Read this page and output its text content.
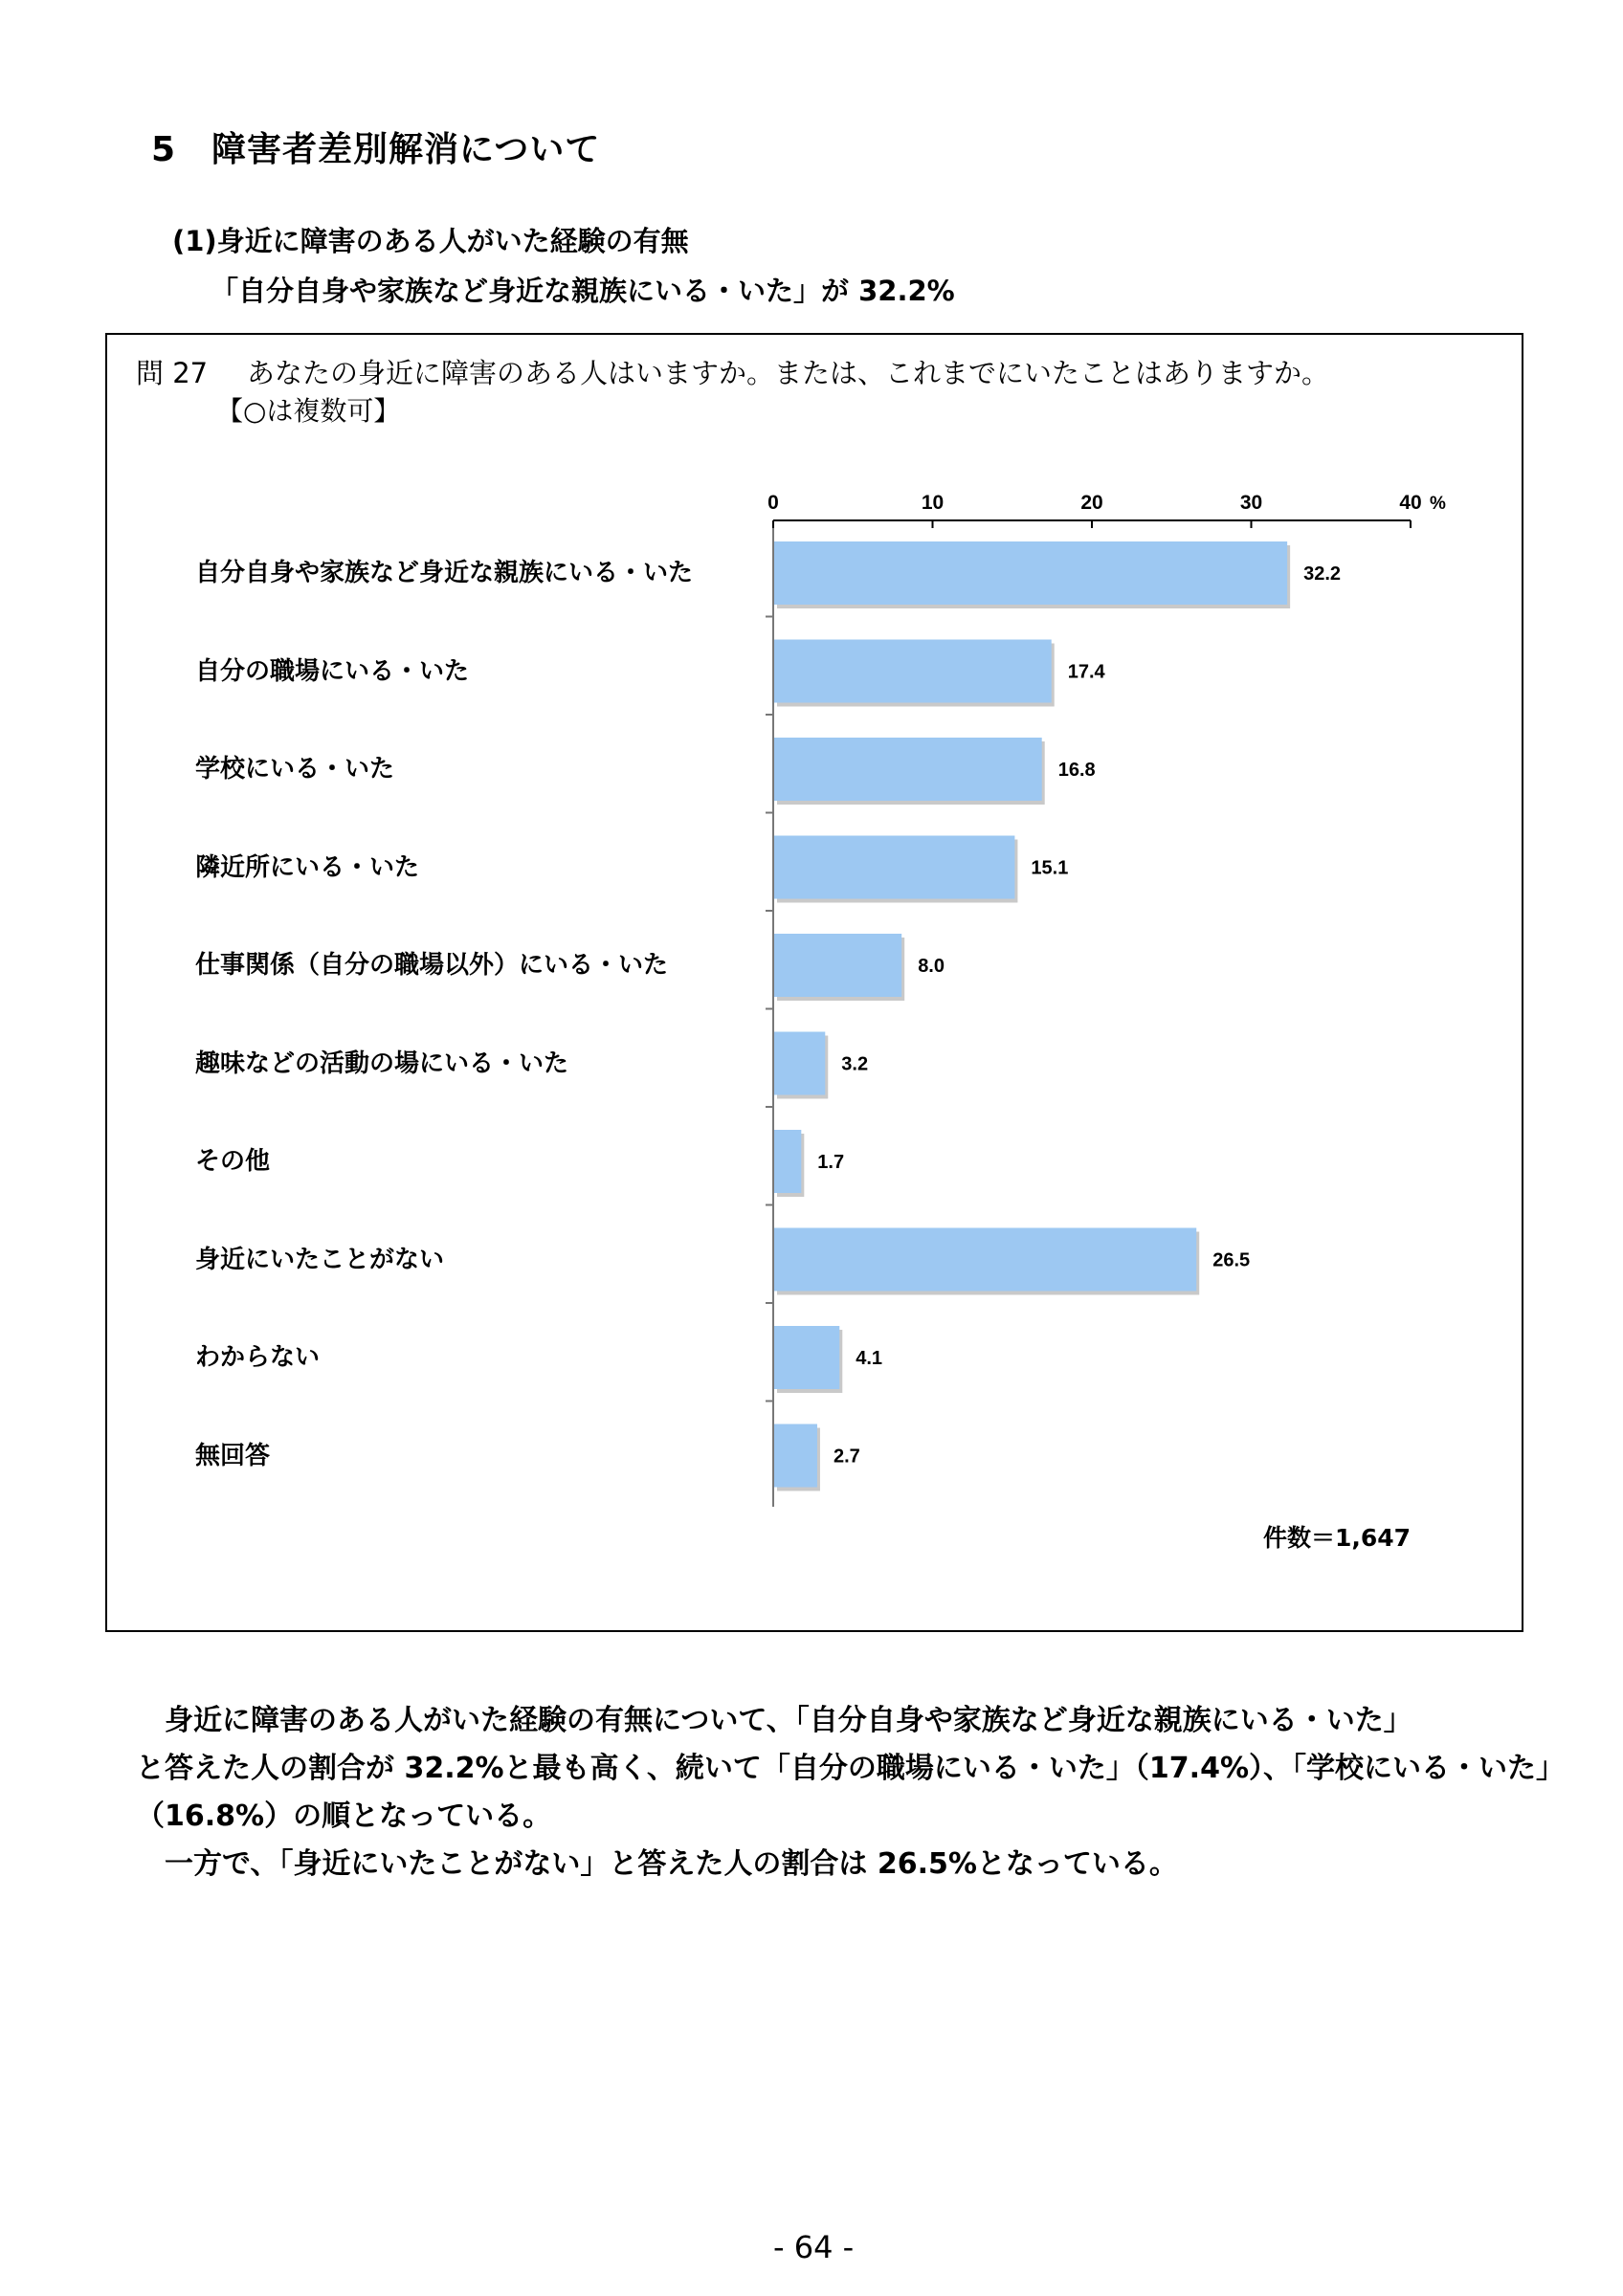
5　障害者差別解消について
(1)身近に障害のある人がいた経験の有無
「自分自身や家族など身近な親族にいる・いた」が 32.2%
問 27 あなたの身近に障害のある人はいますか。または、これまでにいたことはありますか。
【○は複数可】
自分自身や家族など身近な親族にいる・いた
自分の職場にいる・いた
学校にいる・いた
隣近所にいる・いた
仕事関係（自分の職場以外）にいる・いた
趣味などの活動の場にいる・いた
その他
身近にいたことがない
わからない
無回答
0	10	20	30	40 %
32.2
17.4
16.8
15.1
8.0
3.2
1.7
26.5
4.1
2.7
件数＝1,647
　身近に障害のある人がいた経験の有無について、「自分自身や家族など身近な親族にいる・いた」
と答えた人の割合が 32.2%と最も高く、続いて「自分の職場にいる・いた」（17.4%）、「学校にいる・いた」
（16.8%）の順となっている。
　一方で、「身近にいたことがない」と答えた人の割合は 26.5%となっている。
- 64 -
